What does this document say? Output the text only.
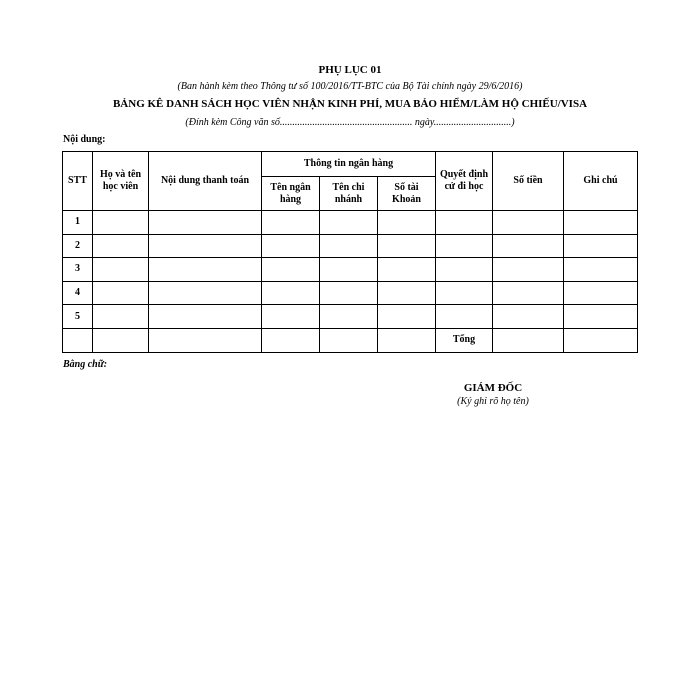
PHỤ LỤC 01
(Ban hành kèm theo Thông tư số 100/2016/TT-BTC của Bộ Tài chính ngày 29/6/2016)
BẢNG KÊ DANH SÁCH HỌC VIÊN NHẬN KINH PHÍ, MUA BẢO HIỂM/LÀM HỘ CHIẾU/VISA
(Đính kèm Công văn số..................................................... ngày...............................)
Nội dung:
STT	Họ và tên học viên	Nội dung thanh toán	Thông tin ngân hàng			Quyết định cử đi học	Số tiền	Ghi chú
			Tên ngân hàng	Tên chi nhánh	Số tài Khoản			
1								
2								
3								
4								
5								
						Tổng		
Bằng chữ:
GIÁM ĐỐC
(Ký ghi rõ họ tên)
